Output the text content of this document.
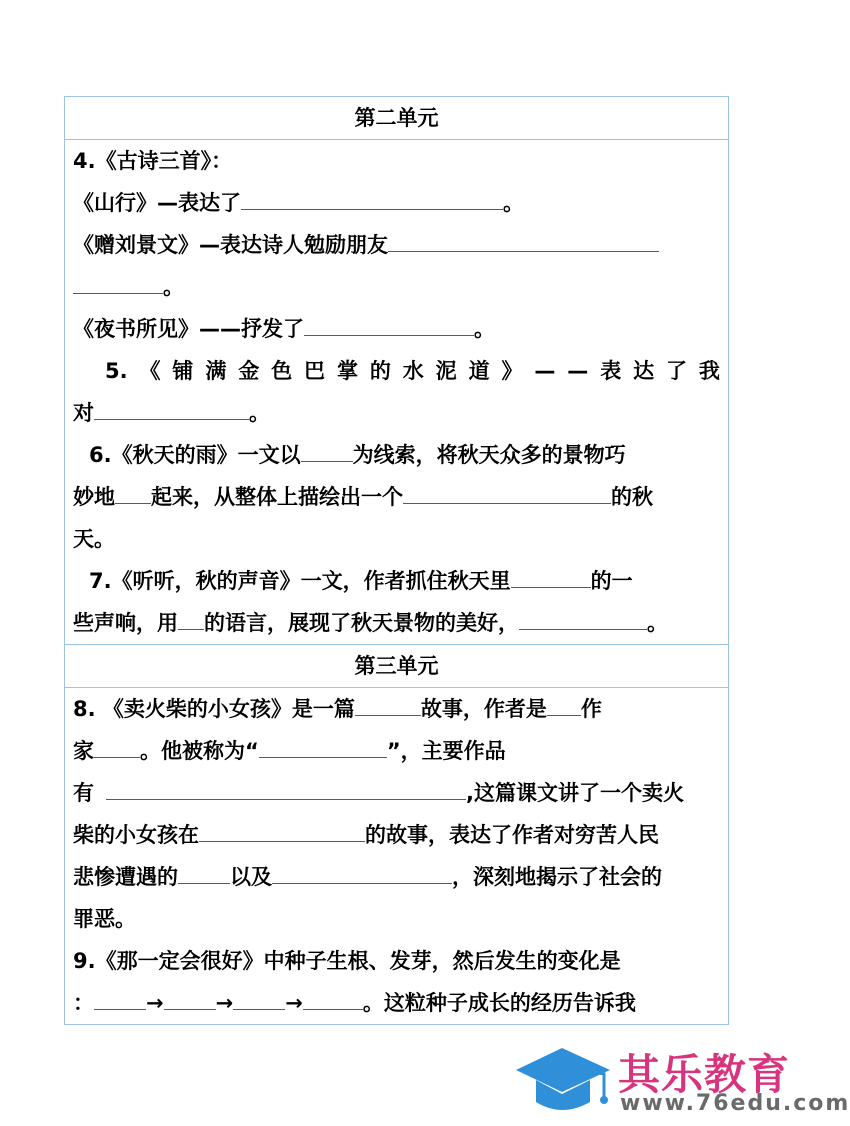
第二单元
4.《古诗三首》：
《山行》—表达了	。
《赠刘景文》—表达诗人勉励朋友
。
《夜书所见》——抒发了	。
5. 《 铺 满 金 色 巴 掌 的 水 泥 道 》 — — 表 达 了 我
对	。
6.《秋天的雨》一文以 为线索，将秋天众多的景物巧
妙地 起来，从整体上描绘出一个	的秋
天。
7.《听听，秋的声音》一文，作者抓住秋天里	的一
些声响，用 的语言，展现了秋天景物的美好，	。
第三单元
8. 《卖火柴的小女孩》是一篇	故事，作者是 作
家 。他被称为“	”，主要作品
有	,这篇课文讲了一个卖火
柴的小女孩在	的故事，表达了作者对穷苦人民
悲惨遭遇的 以及	，深刻地揭示了社会的
罪恶。
9.《那一定会很好》中种子生根、发芽，然后发生的变化是
： → → →	。这粒种子成长的经历告诉我
其乐教育
www.76edu.com
